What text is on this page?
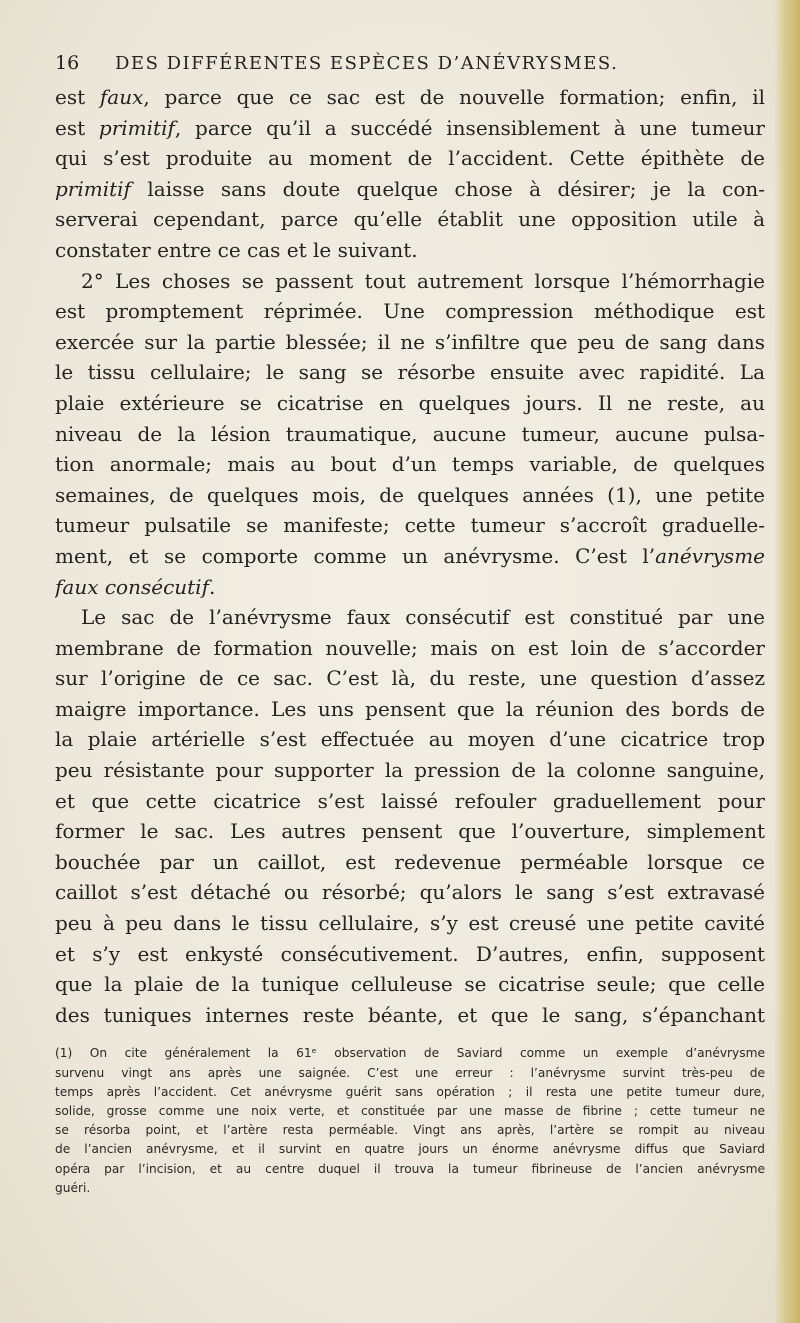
16	DES DIFFÉRENTES ESPÈCES D’ANÉVRYSMES.
est faux, parce que ce sac est de nouvelle formation; enfin, il
est primitif, parce qu’il a succédé insensiblement à une tumeur
qui s’est produite au moment de l’accident. Cette épithète de
primitif laisse sans doute quelque chose à désirer; je la con-
serverai cependant, parce qu’elle établit une opposition utile à
constater entre ce cas et le suivant.
2° Les choses se passent tout autrement lorsque l’hémorrhagie
est promptement réprimée. Une compression méthodique est
exercée sur la partie blessée; il ne s’infiltre que peu de sang dans
le tissu cellulaire; le sang se résorbe ensuite avec rapidité. La
plaie extérieure se cicatrise en quelques jours. Il ne reste, au
niveau de la lésion traumatique, aucune tumeur, aucune pulsa-
tion anormale; mais au bout d’un temps variable, de quelques
semaines, de quelques mois, de quelques années (1), une petite
tumeur pulsatile se manifeste; cette tumeur s’accroît graduelle-
ment, et se comporte comme un anévrysme. C’est l’anévrysme
faux consécutif.
Le sac de l’anévrysme faux consécutif est constitué par une
membrane de formation nouvelle; mais on est loin de s’accorder
sur l’origine de ce sac. C’est là, du reste, une question d’assez
maigre importance. Les uns pensent que la réunion des bords de
la plaie artérielle s’est effectuée au moyen d’une cicatrice trop
peu résistante pour supporter la pression de la colonne sanguine,
et que cette cicatrice s’est laissé refouler graduellement pour
former le sac. Les autres pensent que l’ouverture, simplement
bouchée par un caillot, est redevenue perméable lorsque ce
caillot s’est détaché ou résorbé; qu’alors le sang s’est extravasé
peu à peu dans le tissu cellulaire, s’y est creusé une petite cavité
et s’y est enkysté consécutivement. D’autres, enfin, supposent
que la plaie de la tunique celluleuse se cicatrise seule; que celle
des tuniques internes reste béante, et que le sang, s’épanchant
(1) On cite généralement la 61ᵉ observation de Saviard comme un exemple d’anévrysme
survenu vingt ans après une saignée. C’est une erreur : l’anévrysme survint très-peu de
temps après l’accident. Cet anévrysme guérit sans opération ; il resta une petite tumeur dure,
solide, grosse comme une noix verte, et constituée par une masse de fibrine ; cette tumeur ne
se résorba point, et l’artère resta perméable. Vingt ans après, l’artère se rompit au niveau
de l’ancien anévrysme, et il survint en quatre jours un énorme anévrysme diffus que Saviard
opéra par l’incision, et au centre duquel il trouva la tumeur fibrineuse de l’ancien anévrysme
guéri.
